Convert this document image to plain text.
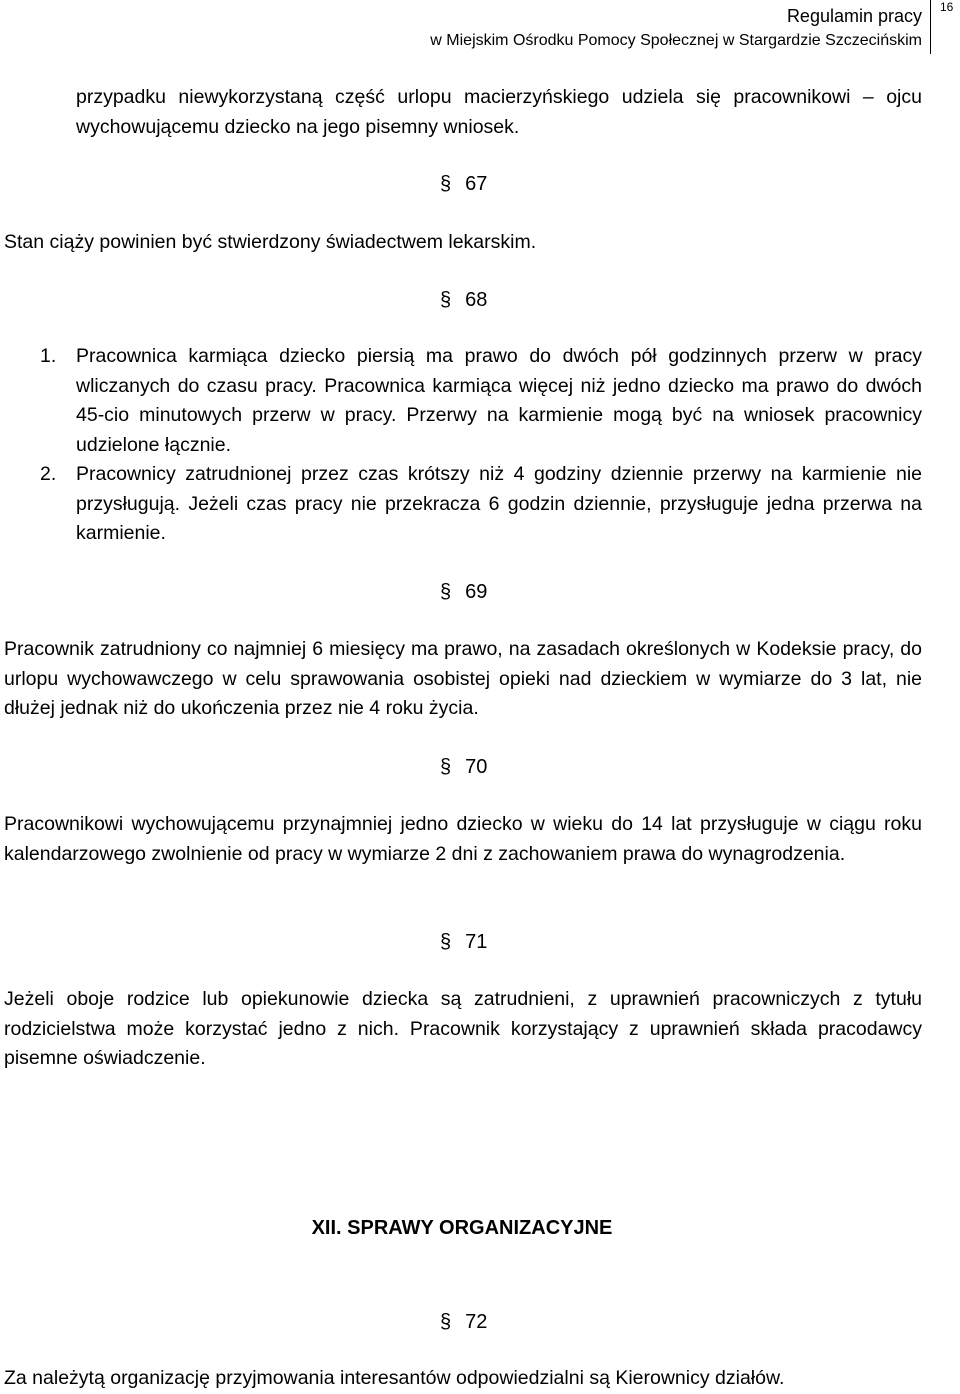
Regulamin pracy
w Miejskim Ośrodku Pomocy Społecznej w Stargardzie Szczecińskim
16

przypadku niewykorzystaną część urlopu macierzyńskiego udziela się pracownikowi – ojcu wychowującemu dziecko na jego pisemny wniosek.

§ 67

Stan ciąży powinien być stwierdzony świadectwem lekarskim.

§ 68
1.	Pracownica karmiąca dziecko piersią ma prawo do dwóch pół godzinnych przerw w pracy wliczanych do czasu pracy. Pracownica karmiąca więcej niż jedno dziecko ma prawo do dwóch 45-cio minutowych przerw w pracy. Przerwy na karmienie mogą być na wniosek pracownicy udzielone łącznie.
2.	Pracownicy zatrudnionej przez czas krótszy niż 4 godziny dziennie przerwy na karmienie nie przysługują. Jeżeli czas pracy nie przekracza 6 godzin dziennie, przysługuje jedna przerwa na karmienie.
§ 69

Pracownik zatrudniony co najmniej 6 miesięcy ma prawo, na zasadach określonych w Kodeksie pracy, do urlopu wychowawczego w celu sprawowania osobistej opieki nad dzieckiem w wymiarze do 3 lat, nie dłużej jednak niż do ukończenia przez nie 4 roku życia.

§ 70

Pracownikowi wychowującemu przynajmniej jedno dziecko w wieku do 14 lat przysługuje w ciągu roku kalendarzowego zwolnienie od pracy w wymiarze 2 dni z zachowaniem prawa do wynagrodzenia.

§ 71

Jeżeli oboje rodzice lub opiekunowie dziecka są zatrudnieni, z uprawnień pracowniczych z tytułu rodzicielstwa może korzystać jedno z nich. Pracownik korzystający z uprawnień składa pracodawcy pisemne oświadczenie.

XII. SPRAWY ORGANIZACYJNE
§ 72

Za należytą organizację przyjmowania interesantów odpowiedzialni są Kierownicy działów.
